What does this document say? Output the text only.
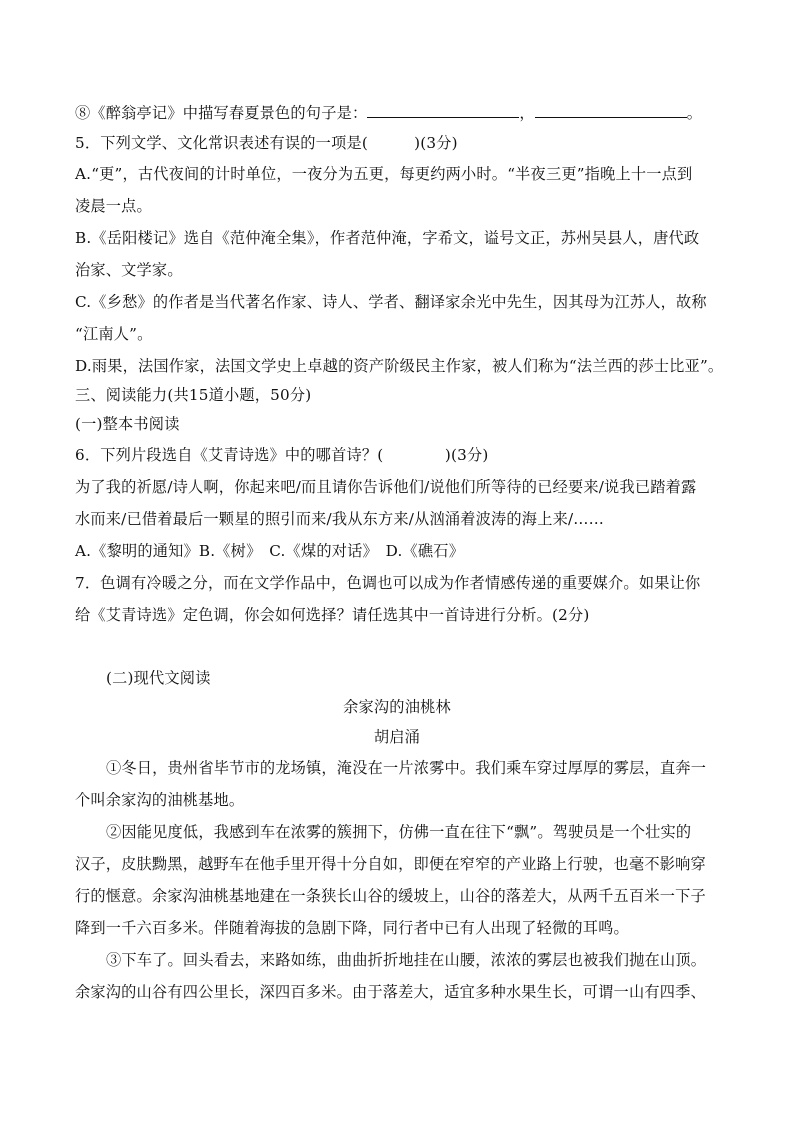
⑧《醉翁亭记》中描写春夏景色的句子是：	，	。
5．下列文学、文化常识表述有误的一项是(　　　)(3分)
A.“更”，古代夜间的计时单位，一夜分为五更，每更约两小时。“半夜三更”指晚上十一点到
凌晨一点。
B.《岳阳楼记》选自《范仲淹全集》，作者范仲淹，字希文，谥号文正，苏州吴县人，唐代政
治家、文学家。
C.《乡愁》的作者是当代著名作家、诗人、学者、翻译家余光中先生，因其母为江苏人，故称
“江南人”。
D.雨果，法国作家，法国文学史上卓越的资产阶级民主作家，被人们称为“法兰西的莎士比亚”。
三、阅读能力(共15道小题，50分)
(一)整本书阅读
6．下列片段选自《艾青诗选》中的哪首诗？(　　　　)(3分)
为了我的祈愿/诗人啊，你起来吧/而且请你告诉他们/说他们所等待的已经要来/说我已踏着露
水而来/已借着最后一颗星的照引而来/我从东方来/从汹涌着波涛的海上来/……
A.《黎明的通知》B.《树》　C.《煤的对话》　D.《礁石》
7．色调有冷暖之分，而在文学作品中，色调也可以成为作者情感传递的重要媒介。如果让你
给《艾青诗选》定色调，你会如何选择？请任选其中一首诗进行分析。(2分)
(二)现代文阅读
余家沟的油桃林
胡启涌
①冬日，贵州省毕节市的龙场镇，淹没在一片浓雾中。我们乘车穿过厚厚的雾层，直奔一
个叫余家沟的油桃基地。
②因能见度低，我感到车在浓雾的簇拥下，仿佛一直在往下“飘”。驾驶员是一个壮实的
汉子，皮肤黝黑，越野车在他手里开得十分自如，即便在窄窄的产业路上行驶，也毫不影响穿
行的惬意。余家沟油桃基地建在一条狭长山谷的缓坡上，山谷的落差大，从两千五百米一下子
降到一千六百多米。伴随着海拔的急剧下降，同行者中已有人出现了轻微的耳鸣。
③下车了。回头看去，来路如练，曲曲折折地挂在山腰，浓浓的雾层也被我们抛在山顶。
余家沟的山谷有四公里长，深四百多米。由于落差大，适宜多种水果生长，可谓一山有四季、
